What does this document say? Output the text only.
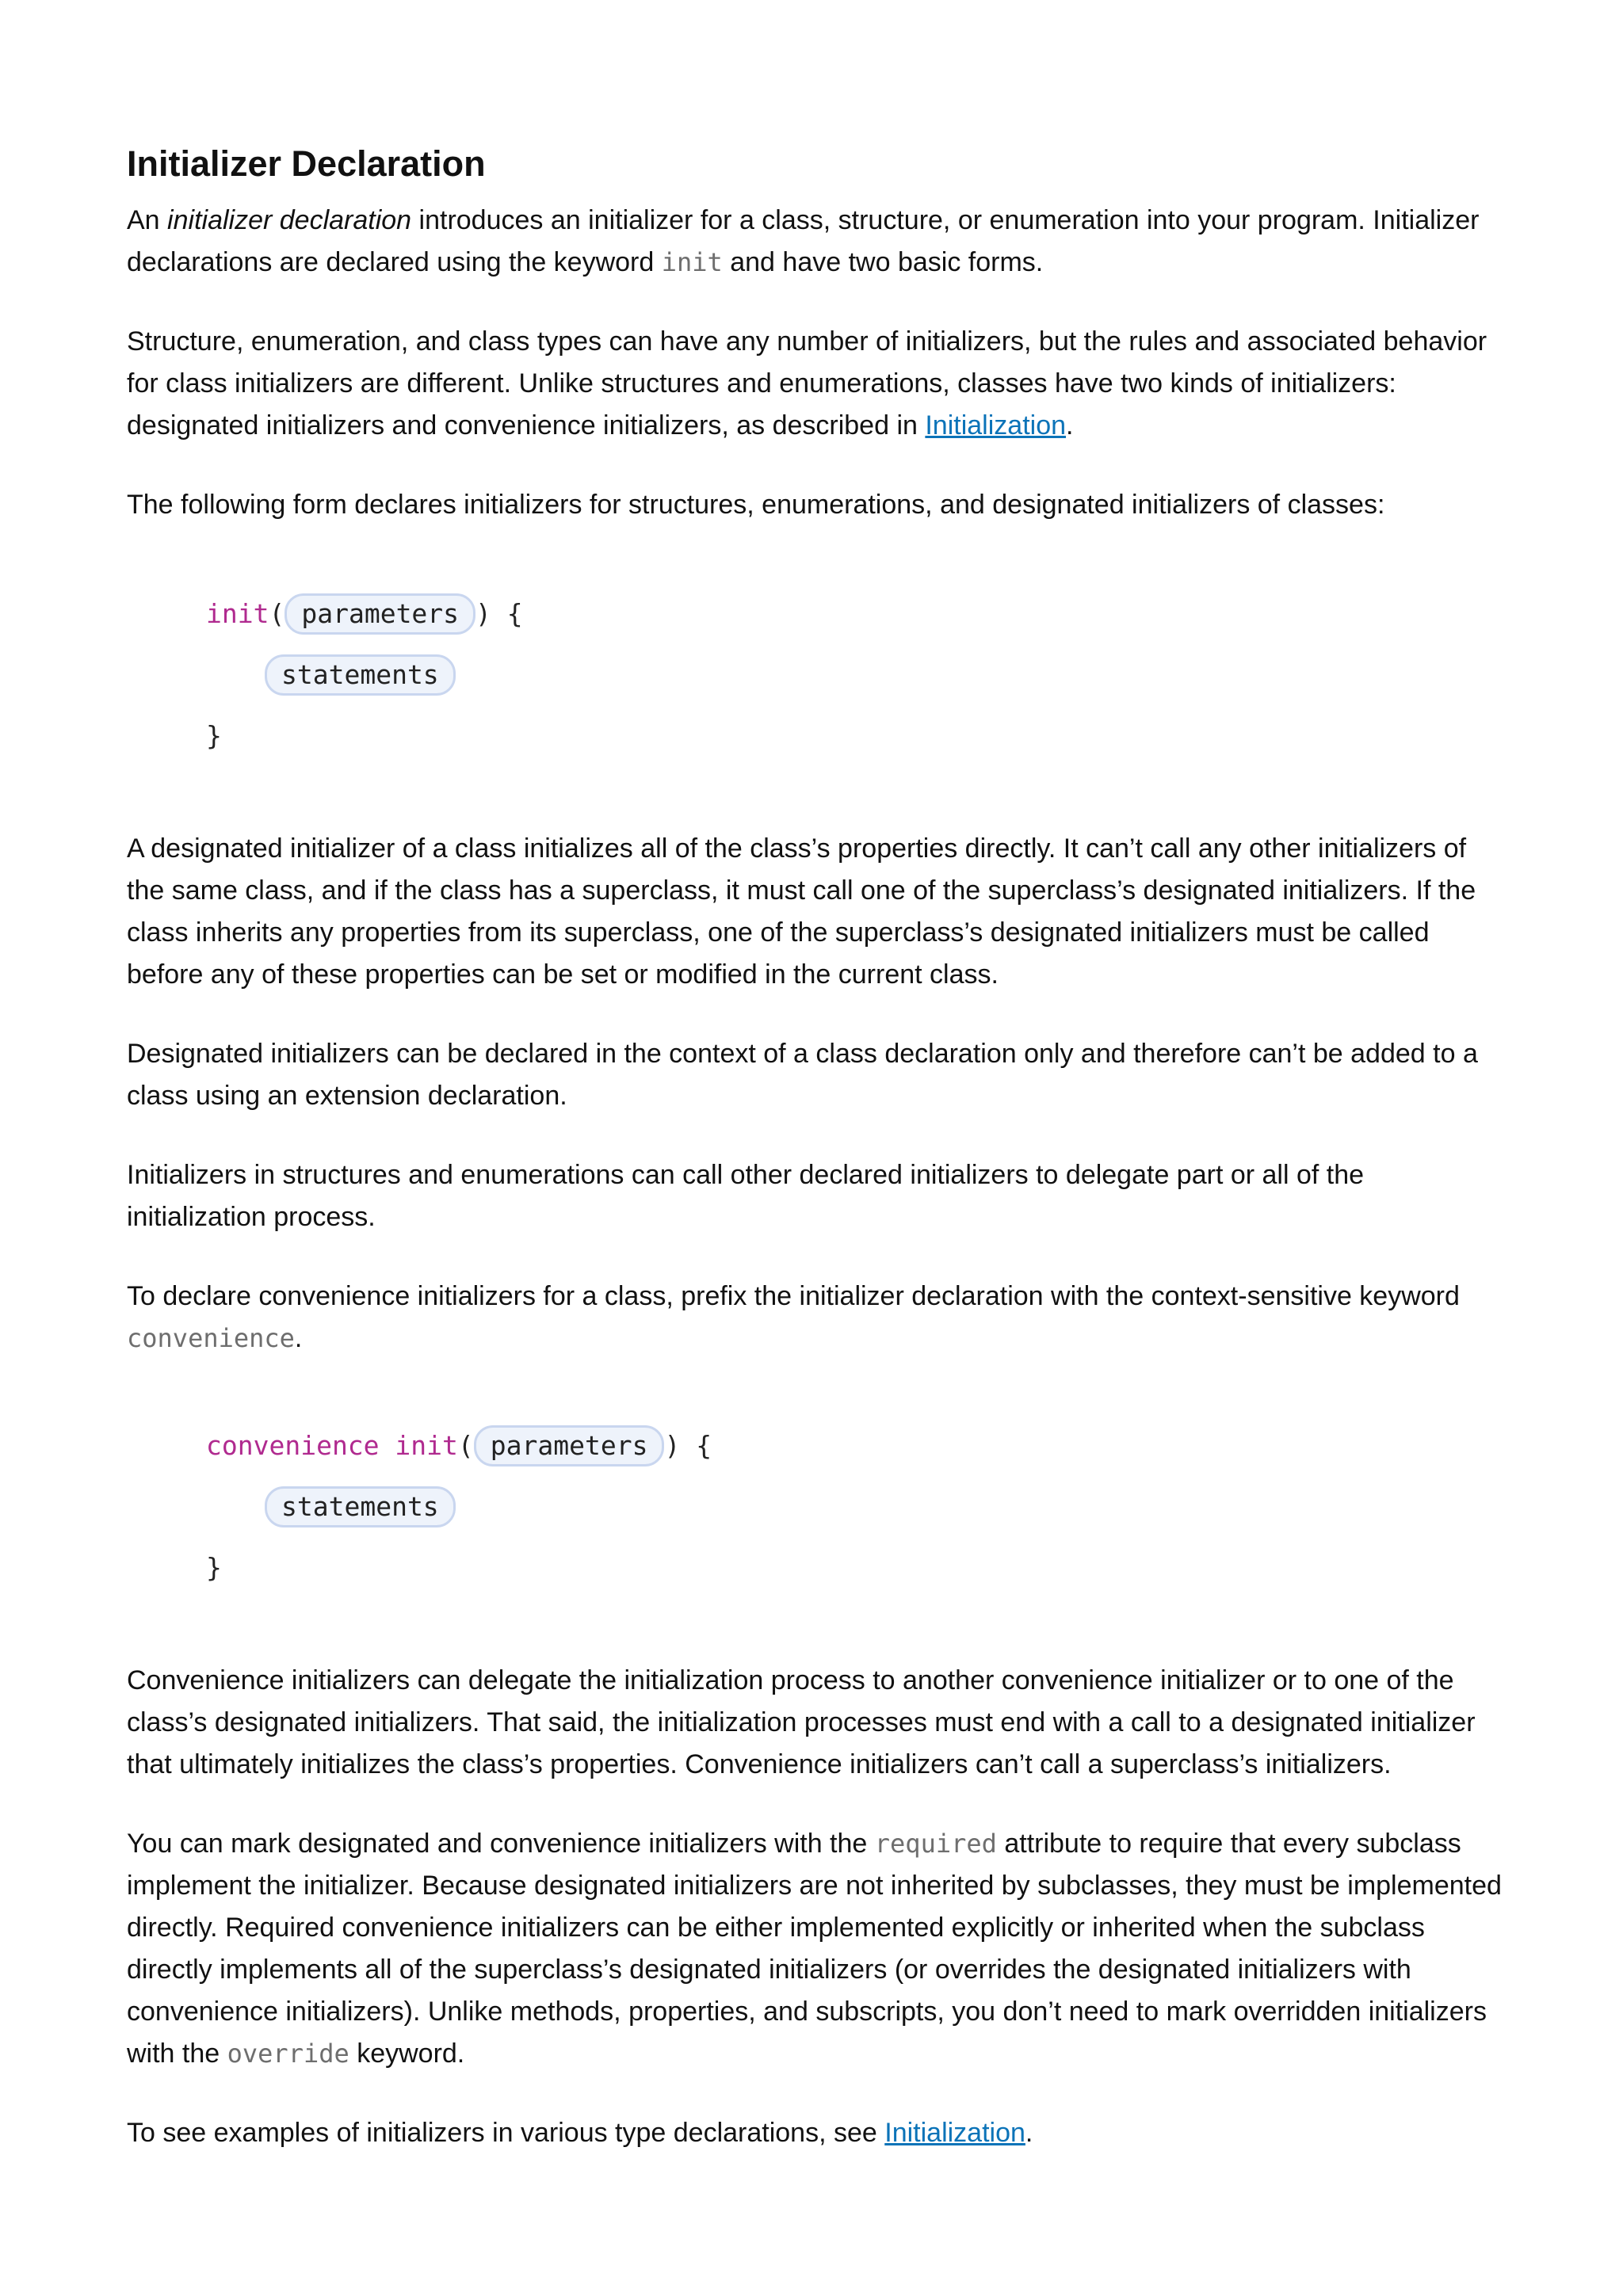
Initializer Declaration

An initializer declaration introduces an initializer for a class, structure, or enumeration into your program. Initializer declarations are declared using the keyword init and have two basic forms.

Structure, enumeration, and class types can have any number of initializers, but the rules and associated behavior for class initializers are different. Unlike structures and enumerations, classes have two kinds of initializers: designated initializers and convenience initializers, as described in Initialization.

The following form declares initializers for structures, enumerations, and designated initializers of classes:

init( parameters ) {
statements
}

A designated initializer of a class initializes all of the class’s properties directly. It can’t call any other initializers of the same class, and if the class has a superclass, it must call one of the superclass’s designated initializers. If the class inherits any properties from its superclass, one of the superclass’s designated initializers must be called before any of these properties can be set or modified in the current class.

Designated initializers can be declared in the context of a class declaration only and therefore can’t be added to a class using an extension declaration.

Initializers in structures and enumerations can call other declared initializers to delegate part or all of the initialization process.

To declare convenience initializers for a class, prefix the initializer declaration with the context-sensitive keyword convenience.

convenience init( parameters ) {
statements
}

Convenience initializers can delegate the initialization process to another convenience initializer or to one of the class’s designated initializers. That said, the initialization processes must end with a call to a designated initializer that ultimately initializes the class’s properties. Convenience initializers can’t call a superclass’s initializers.

You can mark designated and convenience initializers with the required attribute to require that every subclass implement the initializer. Because designated initializers are not inherited by subclasses, they must be implemented directly. Required convenience initializers can be either implemented explicitly or inherited when the subclass directly implements all of the superclass’s designated initializers (or overrides the designated initializers with convenience initializers). Unlike methods, properties, and subscripts, you don’t need to mark overridden initializers with the override keyword.

To see examples of initializers in various type declarations, see Initialization.
